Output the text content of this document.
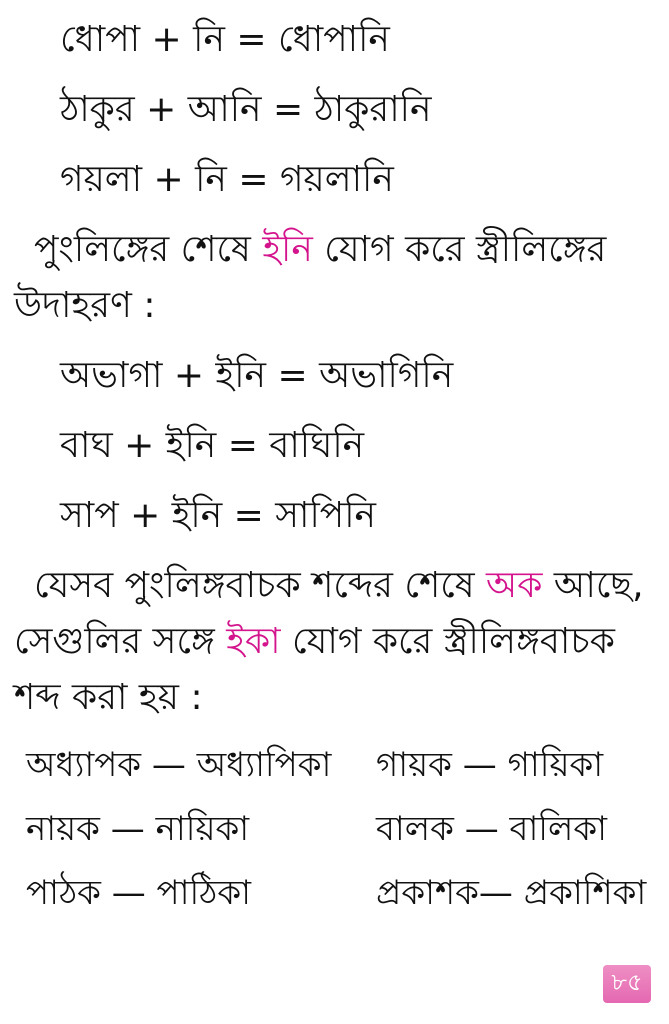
ধোপা + নি = ধোপানি
ঠাকুর + আনি = ঠাকুরানি
গয়লা + নি = গয়লানি
পুংলিঙ্গের শেষে ইনি যোগ করে স্ত্রীলিঙ্গের
উদাহরণ :
অভাগা + ইনি = অভাগিনি
বাঘ + ইনি = বাঘিনি
সাপ + ইনি = সাপিনি
যেসব পুংলিঙ্গবাচক শব্দের শেষে অক আছে,
সেগুলির সঙ্গে ইকা যোগ করে স্ত্রীলিঙ্গবাচক
শব্দ করা হয় :
অধ্যাপক — অধ্যাপিকা গায়ক — গায়িকা
নায়ক — নায়িকা	বালক — বালিকা
পাঠক — পাঠিকা	প্রকাশক— প্রকাশিকা
৮৫
